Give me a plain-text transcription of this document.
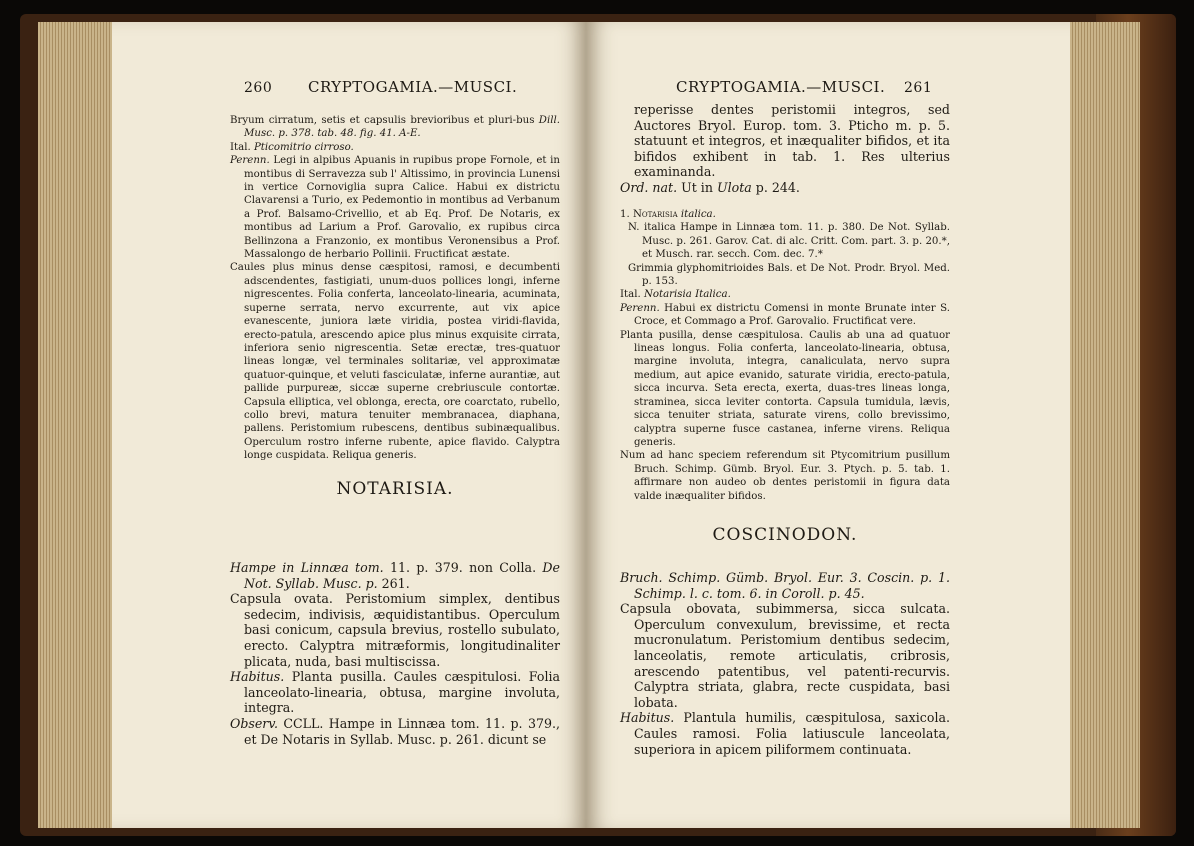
260 CRYPTOGAMIA.—MUSCI.

Bryum cirratum, setis et capsulis brevioribus et pluri-bus Dill. Musc. p. 378. tab. 48. fig. 41. A-E.

Ital. Pticomitrio cirroso.

Perenn. Legi in alpibus Apuanis in rupibus prope Fornole, et in montibus di Serravezza sub l' Altissimo, in provincia Lunensi in vertice Cornoviglia supra Calice. Habui ex districtu Clavarensi a Turio, ex Pedemontio in montibus ad Verbanum a Prof. Balsamo-Crivellio, et ab Eq. Prof. De Notaris, ex montibus ad Larium a Prof. Garovalio, ex rupibus circa Bellinzona a Franzonio, ex montibus Veronensibus a Prof. Massalongo de herbario Pollinii. Fructificat æstate.

Caules plus minus dense cæspitosi, ramosi, e decumbenti adscendentes, fastigiati, unum-duos pollices longi, inferne nigrescentes. Folia conferta, lanceolato-linearia, acuminata, superne serrata, nervo excurrente, aut vix apice evanescente, juniora læte viridia, postea viridi-flavida, erecto-patula, arescendo apice plus minus exquisite cirrata, inferiora senio nigrescentia. Setæ erectæ, tres-quatuor lineas longæ, vel terminales solitariæ, vel approximatæ quatuor-quinque, et veluti fasciculatæ, inferne aurantiæ, aut pallide purpureæ, siccæ superne crebriuscule contortæ. Capsula elliptica, vel oblonga, erecta, ore coarctato, rubello, collo brevi, matura tenuiter membranacea, diaphana, pallens. Peristomium rubescens, dentibus subinæqualibus. Operculum rostro inferne rubente, apice flavido. Calyptra longe cuspidata. Reliqua generis.

NOTARISIA.

Hampe in Linnæa tom. 11. p. 379. non Colla. De Not. Syllab. Musc. p. 261.

Capsula ovata. Peristomium simplex, dentibus sedecim, indivisis, æquidistantibus. Operculum basi conicum, capsula brevius, rostello subulato, erecto. Calyptra mitræformis, longitudinaliter plicata, nuda, basi multiscissa.

Habitus. Planta pusilla. Caules cæspitulosi. Folia lanceolato-linearia, obtusa, margine involuta, integra.

Observ. CCLL. Hampe in Linnæa tom. 11. p. 379., et De Notaris in Syllab. Musc. p. 261. dicunt se

CRYPTOGAMIA.—MUSCI. 261

reperisse dentes peristomii integros, sed Auctores Bryol. Europ. tom. 3. Pticho m. p. 5. statuunt et integros, et inæqualiter bifidos, et ita bifidos exhibent in tab. 1. Res ulterius examinanda.

Ord. nat. Ut in Ulota p. 244.

1. Notarisia italica.

N. italica Hampe in Linnæa tom. 11. p. 380. De Not. Syllab. Musc. p. 261. Garov. Cat. di alc. Critt. Com. part. 3. p. 20.*, et Musch. rar. secch. Com. dec. 7.*

Grimmia glyphomitrioides Bals. et De Not. Prodr. Bryol. Med. p. 153.

Ital. Notarisia Italica.

Perenn. Habui ex districtu Comensi in monte Brunate inter S. Croce, et Commago a Prof. Garovalio. Fructificat vere.

Planta pusilla, dense cæspitulosa. Caulis ab una ad quatuor lineas longus. Folia conferta, lanceolato-linearia, obtusa, margine involuta, integra, canaliculata, nervo supra medium, aut apice evanido, saturate viridia, erecto-patula, sicca incurva. Seta erecta, exerta, duas-tres lineas longa, straminea, sicca leviter contorta. Capsula tumidula, lævis, sicca tenuiter striata, saturate virens, collo brevissimo, calyptra superne fusce castanea, inferne virens. Reliqua generis.

Num ad hanc speciem referendum sit Ptycomitrium pusillum Bruch. Schimp. Gümb. Bryol. Eur. 3. Ptych. p. 5. tab. 1. affirmare non audeo ob dentes peristomii in figura data valde inæqualiter bifidos.

COSCINODON.

Bruch. Schimp. Gümb. Bryol. Eur. 3. Coscin. p. 1. Schimp. l. c. tom. 6. in Coroll. p. 45.

Capsula obovata, subimmersa, sicca sulcata. Operculum convexulum, brevissime, et recta mucronulatum. Peristomium dentibus sedecim, lanceolatis, remote articulatis, cribrosis, arescendo patentibus, vel patenti-recurvis. Calyptra striata, glabra, recte cuspidata, basi lobata.

Habitus. Plantula humilis, cæspitulosa, saxicola. Caules ramosi. Folia latiuscule lanceolata, superiora in apicem piliformem continuata.
